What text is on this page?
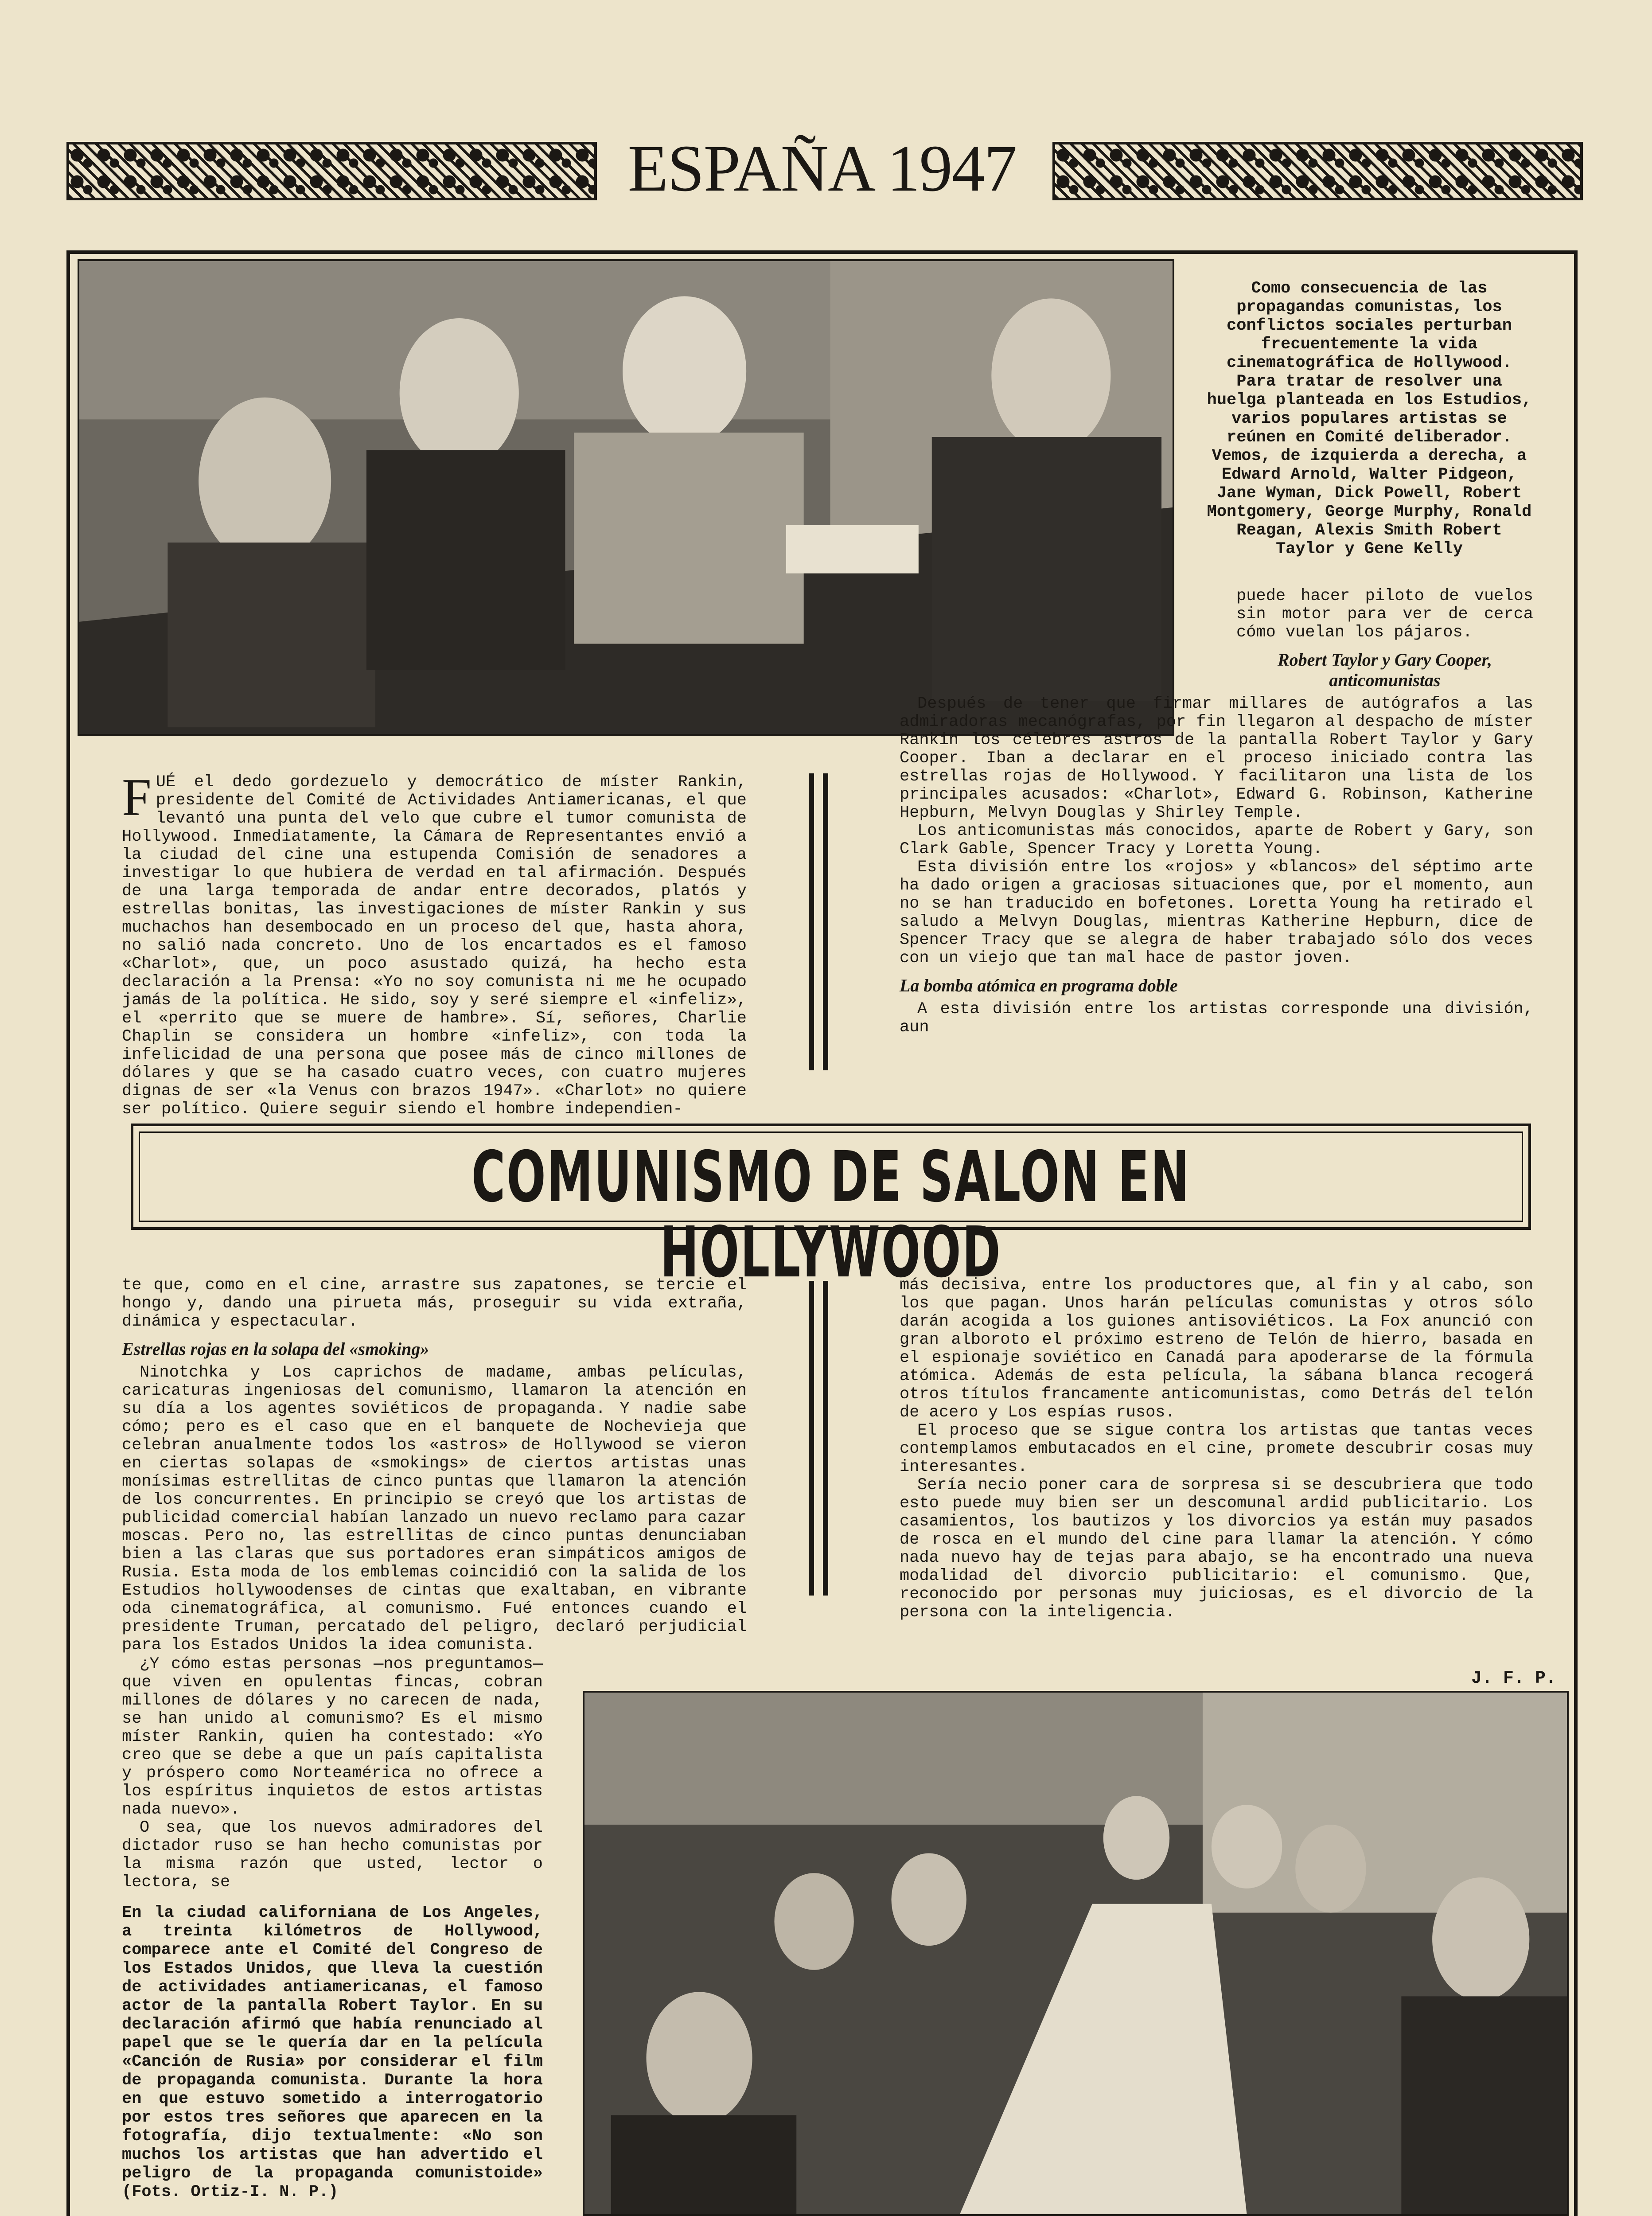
ESPAÑA 1947

Como consecuencia de las propagandas comunistas, los conflictos sociales perturban frecuentemente la vida cinematográfica de Hollywood. Para tratar de resolver una huelga planteada en los Estudios, varios populares artistas se reúnen en Comité deliberador. Vemos, de izquierda a derecha, a Edward Arnold, Walter Pidgeon, Jane Wyman, Dick Powell, Robert Montgomery, George Murphy, Ronald Reagan, Alexis Smith Robert Taylor y Gene Kelly

puede hacer piloto de vuelos sin motor para ver de cerca cómo vuelan los pájaros.

Robert Taylor y Gary Cooper, anticomunistas

Después de tener que firmar millares de autógrafos a las admiradoras mecanógrafas, por fin llegaron al despacho de míster Rankin los célebres astros de la pantalla Robert Taylor y Gary Cooper. Iban a declarar en el proceso iniciado contra las estrellas rojas de Hollywood. Y facilitaron una lista de los principales acusados: «Charlot», Edward G. Robinson, Katherine Hepburn, Melvyn Douglas y Shirley Temple.

Los anticomunistas más conocidos, aparte de Robert y Gary, son Clark Gable, Spencer Tracy y Loretta Young.

Esta división entre los «rojos» y «blancos» del séptimo arte ha dado origen a graciosas situaciones que, por el momento, aun no se han traducido en bofetones. Loretta Young ha retirado el saludo a Melvyn Douglas, mientras Katherine Hepburn, dice de Spencer Tracy que se alegra de haber trabajado sólo dos veces con un viejo que tan mal hace de pastor joven.

La bomba atómica en programa doble

A esta división entre los artistas corresponde una división, aun

F UÉ el dedo gordezuelo y democrático de míster Rankin, presidente del Comité de Actividades Antiamericanas, el que levantó una punta del velo que cubre el tumor comunista de Hollywood. Inmediatamente, la Cámara de Representantes envió a la ciudad del cine una estupenda Comisión de senadores a investigar lo que hubiera de verdad en tal afirmación. Después de una larga temporada de andar entre decorados, platós y estrellas bonitas, las investigaciones de míster Rankin y sus muchachos han desembocado en un proceso del que, hasta ahora, no salió nada concreto. Uno de los encartados es el famoso «Charlot», que, un poco asustado quizá, ha hecho esta declaración a la Prensa: «Yo no soy comunista ni me he ocupado jamás de la política. He sido, soy y seré siempre el «infeliz», el «perrito que se muere de hambre». Sí, señores, Charlie Chaplin se considera un hombre «infeliz», con toda la infelicidad de una persona que posee más de cinco millones de dólares y que se ha casado cuatro veces, con cuatro mujeres dignas de ser «la Venus con brazos 1947». «Charlot» no quiere ser político. Quiere seguir siendo el hombre independien-

COMUNISMO DE SALON EN HOLLYWOOD

te que, como en el cine, arrastre sus zapatones, se tercie el hongo y, dando una pirueta más, proseguir su vida extraña, dinámica y espectacular.

Estrellas rojas en la solapa del «smoking»

Ninotchka y Los caprichos de madame, ambas películas, caricaturas ingeniosas del comunismo, llamaron la atención en su día a los agentes soviéticos de propaganda. Y nadie sabe cómo; pero es el caso que en el banquete de Nochevieja que celebran anualmente todos los «astros» de Hollywood se vieron en ciertas solapas de «smokings» de ciertos artistas unas monísimas estrellitas de cinco puntas que llamaron la atención de los concurrentes. En principio se creyó que los artistas de publicidad comercial habían lanzado un nuevo reclamo para cazar moscas. Pero no, las estrellitas de cinco puntas denunciaban bien a las claras que sus portadores eran simpáticos amigos de Rusia. Esta moda de los emblemas coincidió con la salida de los Estudios hollywoodenses de cintas que exaltaban, en vibrante oda cinematográfica, al comunismo. Fué entonces cuando el presidente Truman, percatado del peligro, declaró perjudicial para los Estados Unidos la idea comunista.

¿Y cómo estas personas —nos preguntamos— que viven en opulentas fincas, cobran millones de dólares y no carecen de nada, se han unido al comunismo? Es el mismo míster Rankin, quien ha contestado: «Yo creo que se debe a que un país capitalista y próspero como Norteamérica no ofrece a los espíritus inquietos de estos artistas nada nuevo».

O sea, que los nuevos admiradores del dictador ruso se han hecho comunistas por la misma razón que usted, lector o lectora, se

más decisiva, entre los productores que, al fin y al cabo, son los que pagan. Unos harán películas comunistas y otros sólo darán acogida a los guiones antisoviéticos. La Fox anunció con gran alboroto el próximo estreno de Telón de hierro, basada en el espionaje soviético en Canadá para apoderarse de la fórmula atómica. Además de esta película, la sábana blanca recogerá otros títulos francamente anticomunistas, como Detrás del telón de acero y Los espías rusos.

El proceso que se sigue contra los artistas que tantas veces contemplamos embutacados en el cine, promete descubrir cosas muy interesantes.

Sería necio poner cara de sorpresa si se descubriera que todo esto puede muy bien ser un descomunal ardid publicitario. Los casamientos, los bautizos y los divorcios ya están muy pasados de rosca en el mundo del cine para llamar la atención. Y cómo nada nuevo hay de tejas para abajo, se ha encontrado una nueva modalidad del divorcio publicitario: el comunismo. Que, reconocido por personas muy juiciosas, es el divorcio de la persona con la inteligencia.

J. F. P.

En la ciudad californiana de Los Angeles, a treinta kilómetros de Hollywood, comparece ante el Comité del Congreso de los Estados Unidos, que lleva la cuestión de actividades antiamericanas, el famoso actor de la pantalla Robert Taylor. En su declaración afirmó que había renunciado al papel que se le quería dar en la película «Canción de Rusia» por considerar el film de propaganda comunista. Durante la hora en que estuvo sometido a interrogatorio por estos tres señores que aparecen en la fotografía, dijo textualmente: «No son muchos los artistas que han advertido el peligro de la propaganda comunistoide» (Fots. Ortiz-I. N. P.)
